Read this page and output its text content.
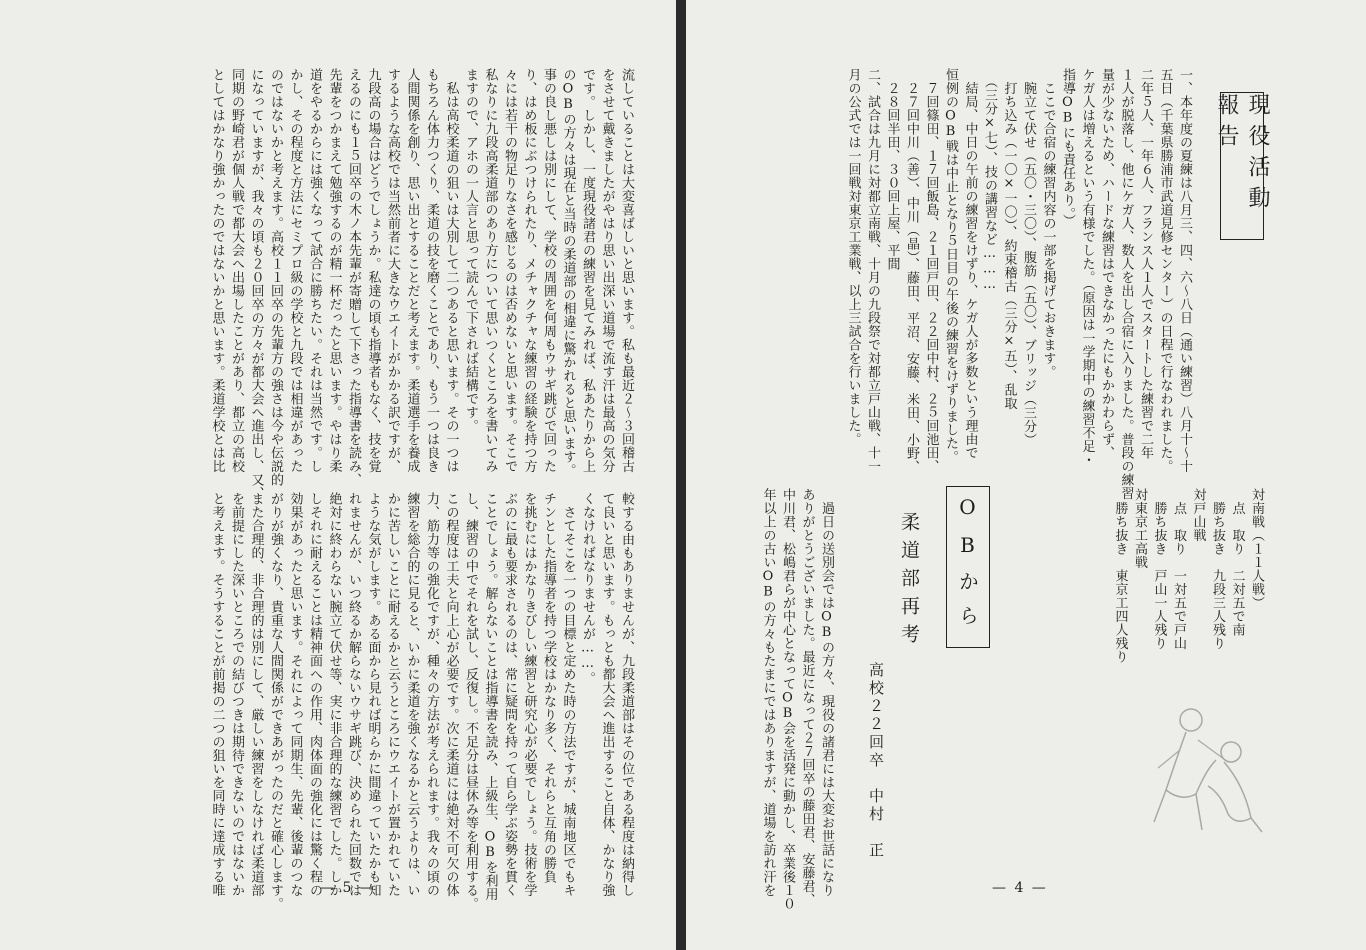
流していることは大変喜ばしいと思います。私も最近２〜３回稽古
をさせて戴きましたがやはり思い出深い道場で流す汗は最高の気分
です。しかし、一度現役諸君の練習を見てみれば、私あたりから上
のOBの方々は現在と当時の柔道部の相違に驚かれると思います。
事の良し悪しは別にして、学校の周囲を何周もウサギ跳びで回った
り、はめ板にぶつけられたり、メチャクチャな練習の経験を持つ方
々には若干の物足りなさを感じるのは否めないと思います。そこで
私なりに九段高柔道部のあり方について思いつくところを書いてみ
ますので、アホの一人言と思って読んで下されば結構です。
　私は高校柔道の狙いは大別して二つあると思います。その一つは
もちろん体力つくり、柔道の技を磨くことであり、もう一つは良き
人間関係を創り、思い出とすることだと考えます。柔道選手を養成
するような高校では当然前者に大きなウエイトがかかる訳ですが、
九段高の場合はどうでしょうか。私達の頃も指導者もなく、技を覚
えるのにも１５回卒の木ノ本先輩が寄贈して下さった指導書を読み、
先輩をつかまえて勉強するのが精一杯だったと思います。やはり柔
道をやるからには強くなって試合に勝ちたい。それは当然です。し
かし、その程度と方法にセミプロ級の学校と九段では相違があった
のではないかと考えます。高校１１回卒の先輩方の強さは今や伝説的
になっていますが、我々の頃も２０回卒の方々が都大会へ進出し、又、
同期の野崎君が個人戦で都大会へ出場したことがあり、都立の高校
としてはかなり強かったのではないかと思います。柔道学校とは比
較する由もありませんが、九段柔道部はその位である程度は納得し
て良いと思います。もっとも都大会へ進出すること自体、かなり強
くなければなりませんが……。
　さてそこを一つの目標と定めた時の方法ですが、城南地区でもキ
チンとした指導者を持つ学校はかなり多く、それらと互角の勝負
を挑むにはかなりきびしい練習と研究心が必要でしょう。技術を学
ぶのに最も要求されるのは、常に疑問を持って自ら学ぶ姿勢を貫く
ことでしょう。解らないことは指導書を読み、上級生、OBを利用
し、練習の中でそれを試し、反復し。不足分は昼休み等を利用する。
この程度は工夫と向上心が必要です。次に柔道には絶対不可欠の体
力、筋力等の強化ですが、種々の方法が考えられます。我々の頃の
練習を総合的に見ると、いかに柔道を強くなるかと云うよりは、い
かに苦しいことに耐えるかと云うところにウエイトが置かれていた
ような気がします。ある面から見れば明らかに間違っていたかも知
れませんが、いつ終るか解らないウサギ跳び、決められた回数では
絶対に終わらない腕立て伏せ等、実に非合理的な練習でした。しか
しそれに耐えることは精神面への作用、肉体面の強化には驚く程の
効果があったと思います。それによって同期生、先輩、後輩のつな
がりが強くなり、貴重な人間関係ができあがったのだと確心します。
また合理的、非合理的は別にして、厳しい練習をしなければ柔道部
を前提にした深いところでの結びつきは期待できないのではないか
と考えます。そうすることが前掲の二つの狙いを同時に達成する唯	— 5 —
現役活動報告
一、本年度の夏練は八月三、四、六〜八日（通い練習）八月十〜十
五日（千葉県勝浦市武道見修センター）の日程で行なわれました。
二年５人、一年６人、フランス人１人でスタートした練習で二年
１人が脱落し、他にケガ人、数人を出し合宿に入りました。普段の練習
量が少ないため、ハードな練習はできなかったにもかかわらず、
ケガ人は増えるという有様でした。（原因は一学期中の練習不足・
指導OBにも責任あり。）
　ここで合宿の練習内容の一部を掲げておきます。
　腕立て伏せ（五〇・三〇）、腹筋（五〇）、ブリッジ（三分）
　打ち込み（一〇×一〇）、約束稽古（三分×五）、乱取
　（三分×七）、技の講習など………
　結局、中日の午前の練習をけずり、ケガ人が多数という理由で
恒例のOB戦は中止となり５日目の午後の練習をけずりました。
　７回篠田、１７回飯島、２１回戸田、２２回中村、２５回池田、
　２７回中川（善）、中川（晶）、藤田、平沼、安藤、米田、小野、
　２８回半田、３０回上屋、平間
二、試合は九月に対都立南戦、十月の九段祭で対都立戸山戦、十一
月の公式では一回戦対東京工業戦、以上三試合を行いました。
対南戦（１１人戦）
　点　取り　二対五で南
　勝ち抜き　九段三人残り
対戸山戦
　点　取り　一対五で戸山
　勝ち抜き　戸山一人残り
対東京工高戦
　勝ち抜き　東京工四人残り
OBから
柔道部再考
高校２２回卒　中村　正
　過日の送別会ではOBの方々、現役の諸君には大変お世話になり
ありがとうございました。最近になって２７回卒の藤田君、安藤君、
中川君、松嶋君らが中心となってOB会を活発に動かし、卒業後１０
年以上の古いOBの方々もたまにではありますが、道場を訪れ汗を	— 4 —
